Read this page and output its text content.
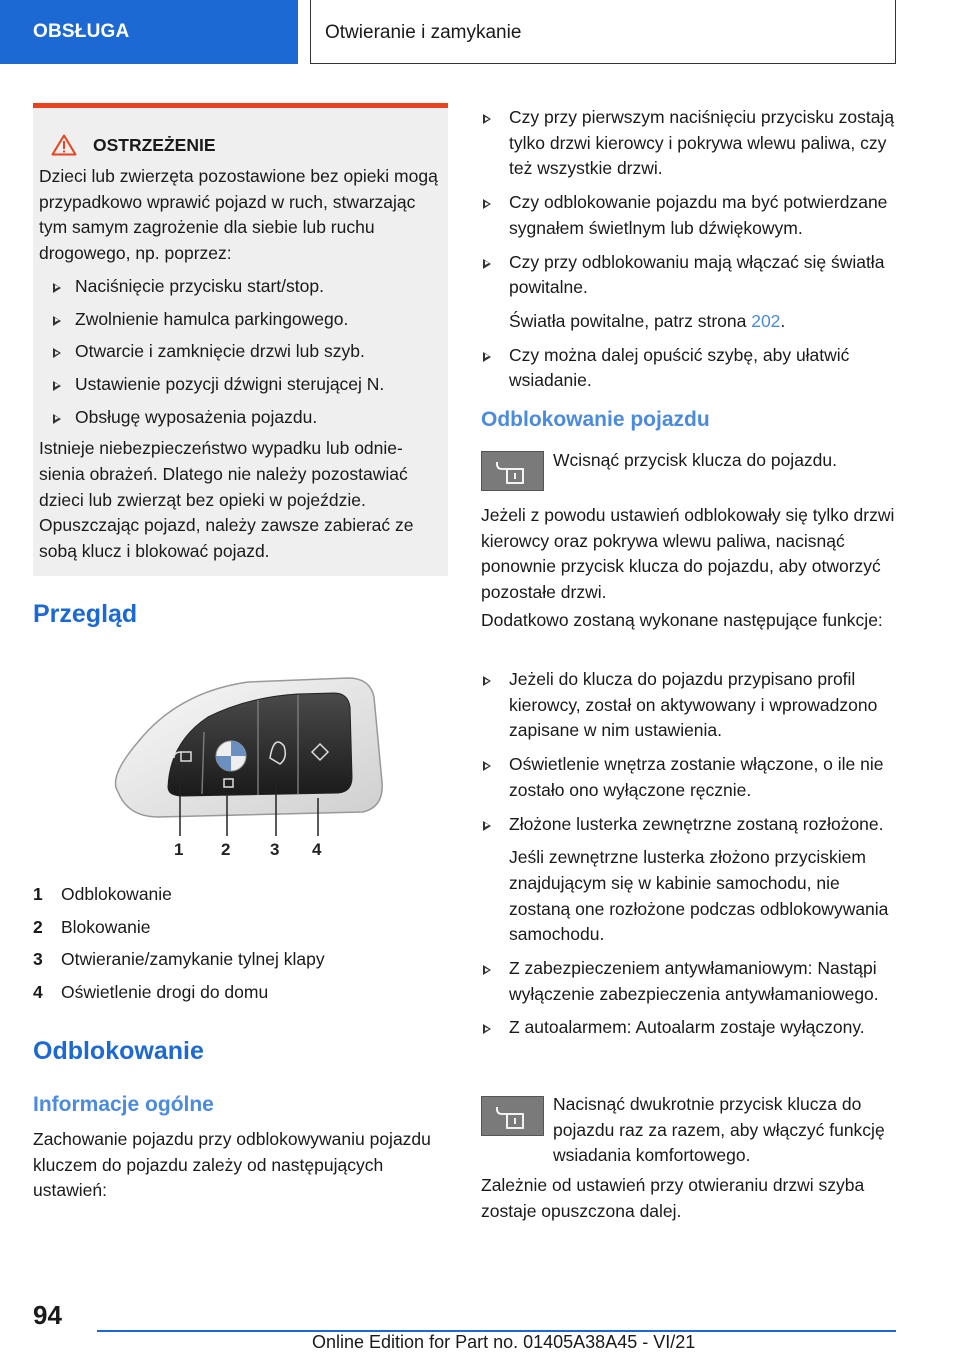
OBSŁUGA	Otwieranie i zamykanie
OSTRZEŻENIE
Dzieci lub zwierzęta pozostawione bez opieki mogą przypadkowo wprawić pojazd w ruch, stwarzając tym samym zagrożenie dla siebie lub ruchu drogowego, np. poprzez:
Naciśnięcie przycisku start/stop.
Zwolnienie hamulca parkingowego.
Otwarcie i zamknięcie drzwi lub szyb.
Ustawienie pozycji dźwigni sterującej N.
Obsługę wyposażenia pojazdu.
Istnieje niebezpieczeństwo wypadku lub odniesienia obrażeń. Dlatego nie należy pozostawiać dzieci lub zwierząt bez opieki w pojeździe. Opuszczając pojazd, należy zawsze zabierać ze sobą klucz i blokować pojazd.
Przegląd
1 2 3 4
1	Odblokowanie
2	Blokowanie
3	Otwieranie/zamykanie tylnej klapy
4	Oświetlenie drogi do domu
Odblokowanie
Informacje ogólne
Zachowanie pojazdu przy odblokowywaniu pojazdu kluczem do pojazdu zależy od następujących ustawień:
Czy przy pierwszym naciśnięciu przycisku zostają tylko drzwi kierowcy i pokrywa wlewu paliwa, czy też wszystkie drzwi.
Czy odblokowanie pojazdu ma być potwierdzane sygnałem świetlnym lub dźwiękowym.
Czy przy odblokowaniu mają włączać się światła powitalne.
Światła powitalne, patrz strona 202.
Czy można dalej opuścić szybę, aby ułatwić wsiadanie.
Odblokowanie pojazdu
Wcisnąć przycisk klucza do pojazdu.
Jeżeli z powodu ustawień odblokowały się tylko drzwi kierowcy oraz pokrywa wlewu paliwa, nacisnąć ponownie przycisk klucza do pojazdu, aby otworzyć pozostałe drzwi.
Dodatkowo zostaną wykonane następujące funkcje:
Jeżeli do klucza do pojazdu przypisano profil kierowcy, został on aktywowany i wprowadzono zapisane w nim ustawienia.
Oświetlenie wnętrza zostanie włączone, o ile nie zostało ono wyłączone ręcznie.
Złożone lusterka zewnętrzne zostaną rozłożone.
Jeśli zewnętrzne lusterka złożono przyciskiem znajdującym się w kabinie samochodu, nie zostaną one rozłożone podczas odblokowywania samochodu.
Z zabezpieczeniem antywłamaniowym: Nastąpi wyłączenie zabezpieczenia antywłamaniowego.
Z autoalarmem: Autoalarm zostaje wyłączony.
Nacisnąć dwukrotnie przycisk klucza do pojazdu raz za razem, aby włączyć funkcję wsiadania komfortowego.
Zależnie od ustawień przy otwieraniu drzwi szyba zostaje opuszczona dalej.
94
Online Edition for Part no. 01405A38A45 - VI/21
